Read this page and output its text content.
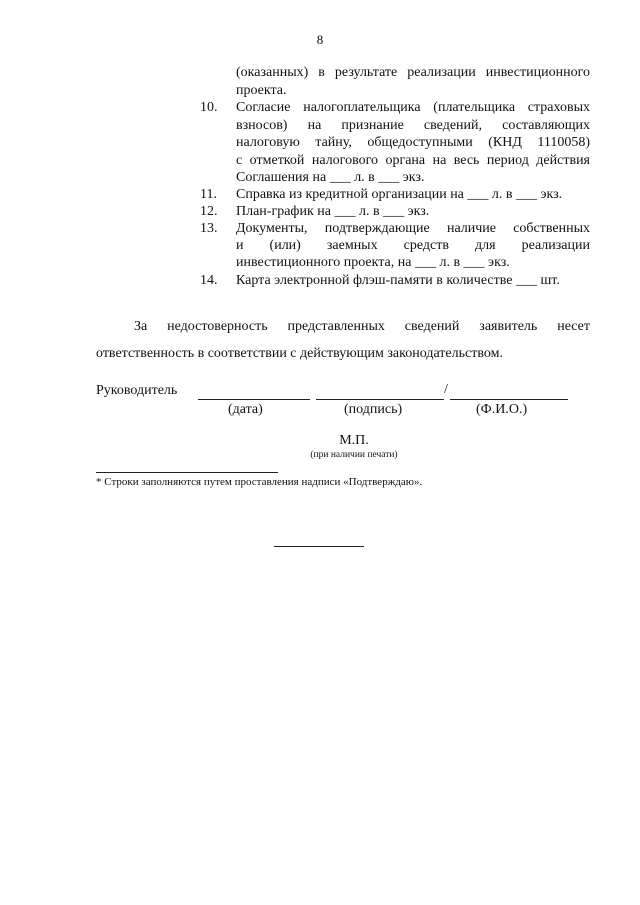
8
(оказанных) в результате реализации инвестиционного
проекта.
10. Согласие налогоплательщика (плательщика страховых
взносов) на признание сведений, составляющих
налоговую тайну, общедоступными (КНД 1110058)
с отметкой налогового органа на весь период действия
Соглашения на ___ л. в ___ экз.
11. Справка из кредитной организации на ___ л. в ___ экз.
12. План-график на ___ л. в ___ экз.
13. Документы, подтверждающие наличие собственных
и (или) заемных средств для реализации
инвестиционного проекта, на ___ л. в ___ экз.
14. Карта электронной флэш-памяти в количестве ___ шт.
За недостоверность представленных сведений заявитель несет
ответственность в соответствии с действующим законодательством.
Руководитель	/
(дата)	(подпись)	(Ф.И.О.)
М.П.
(при наличии печати)
* Строки заполняются путем проставления надписи «Подтверждаю».
